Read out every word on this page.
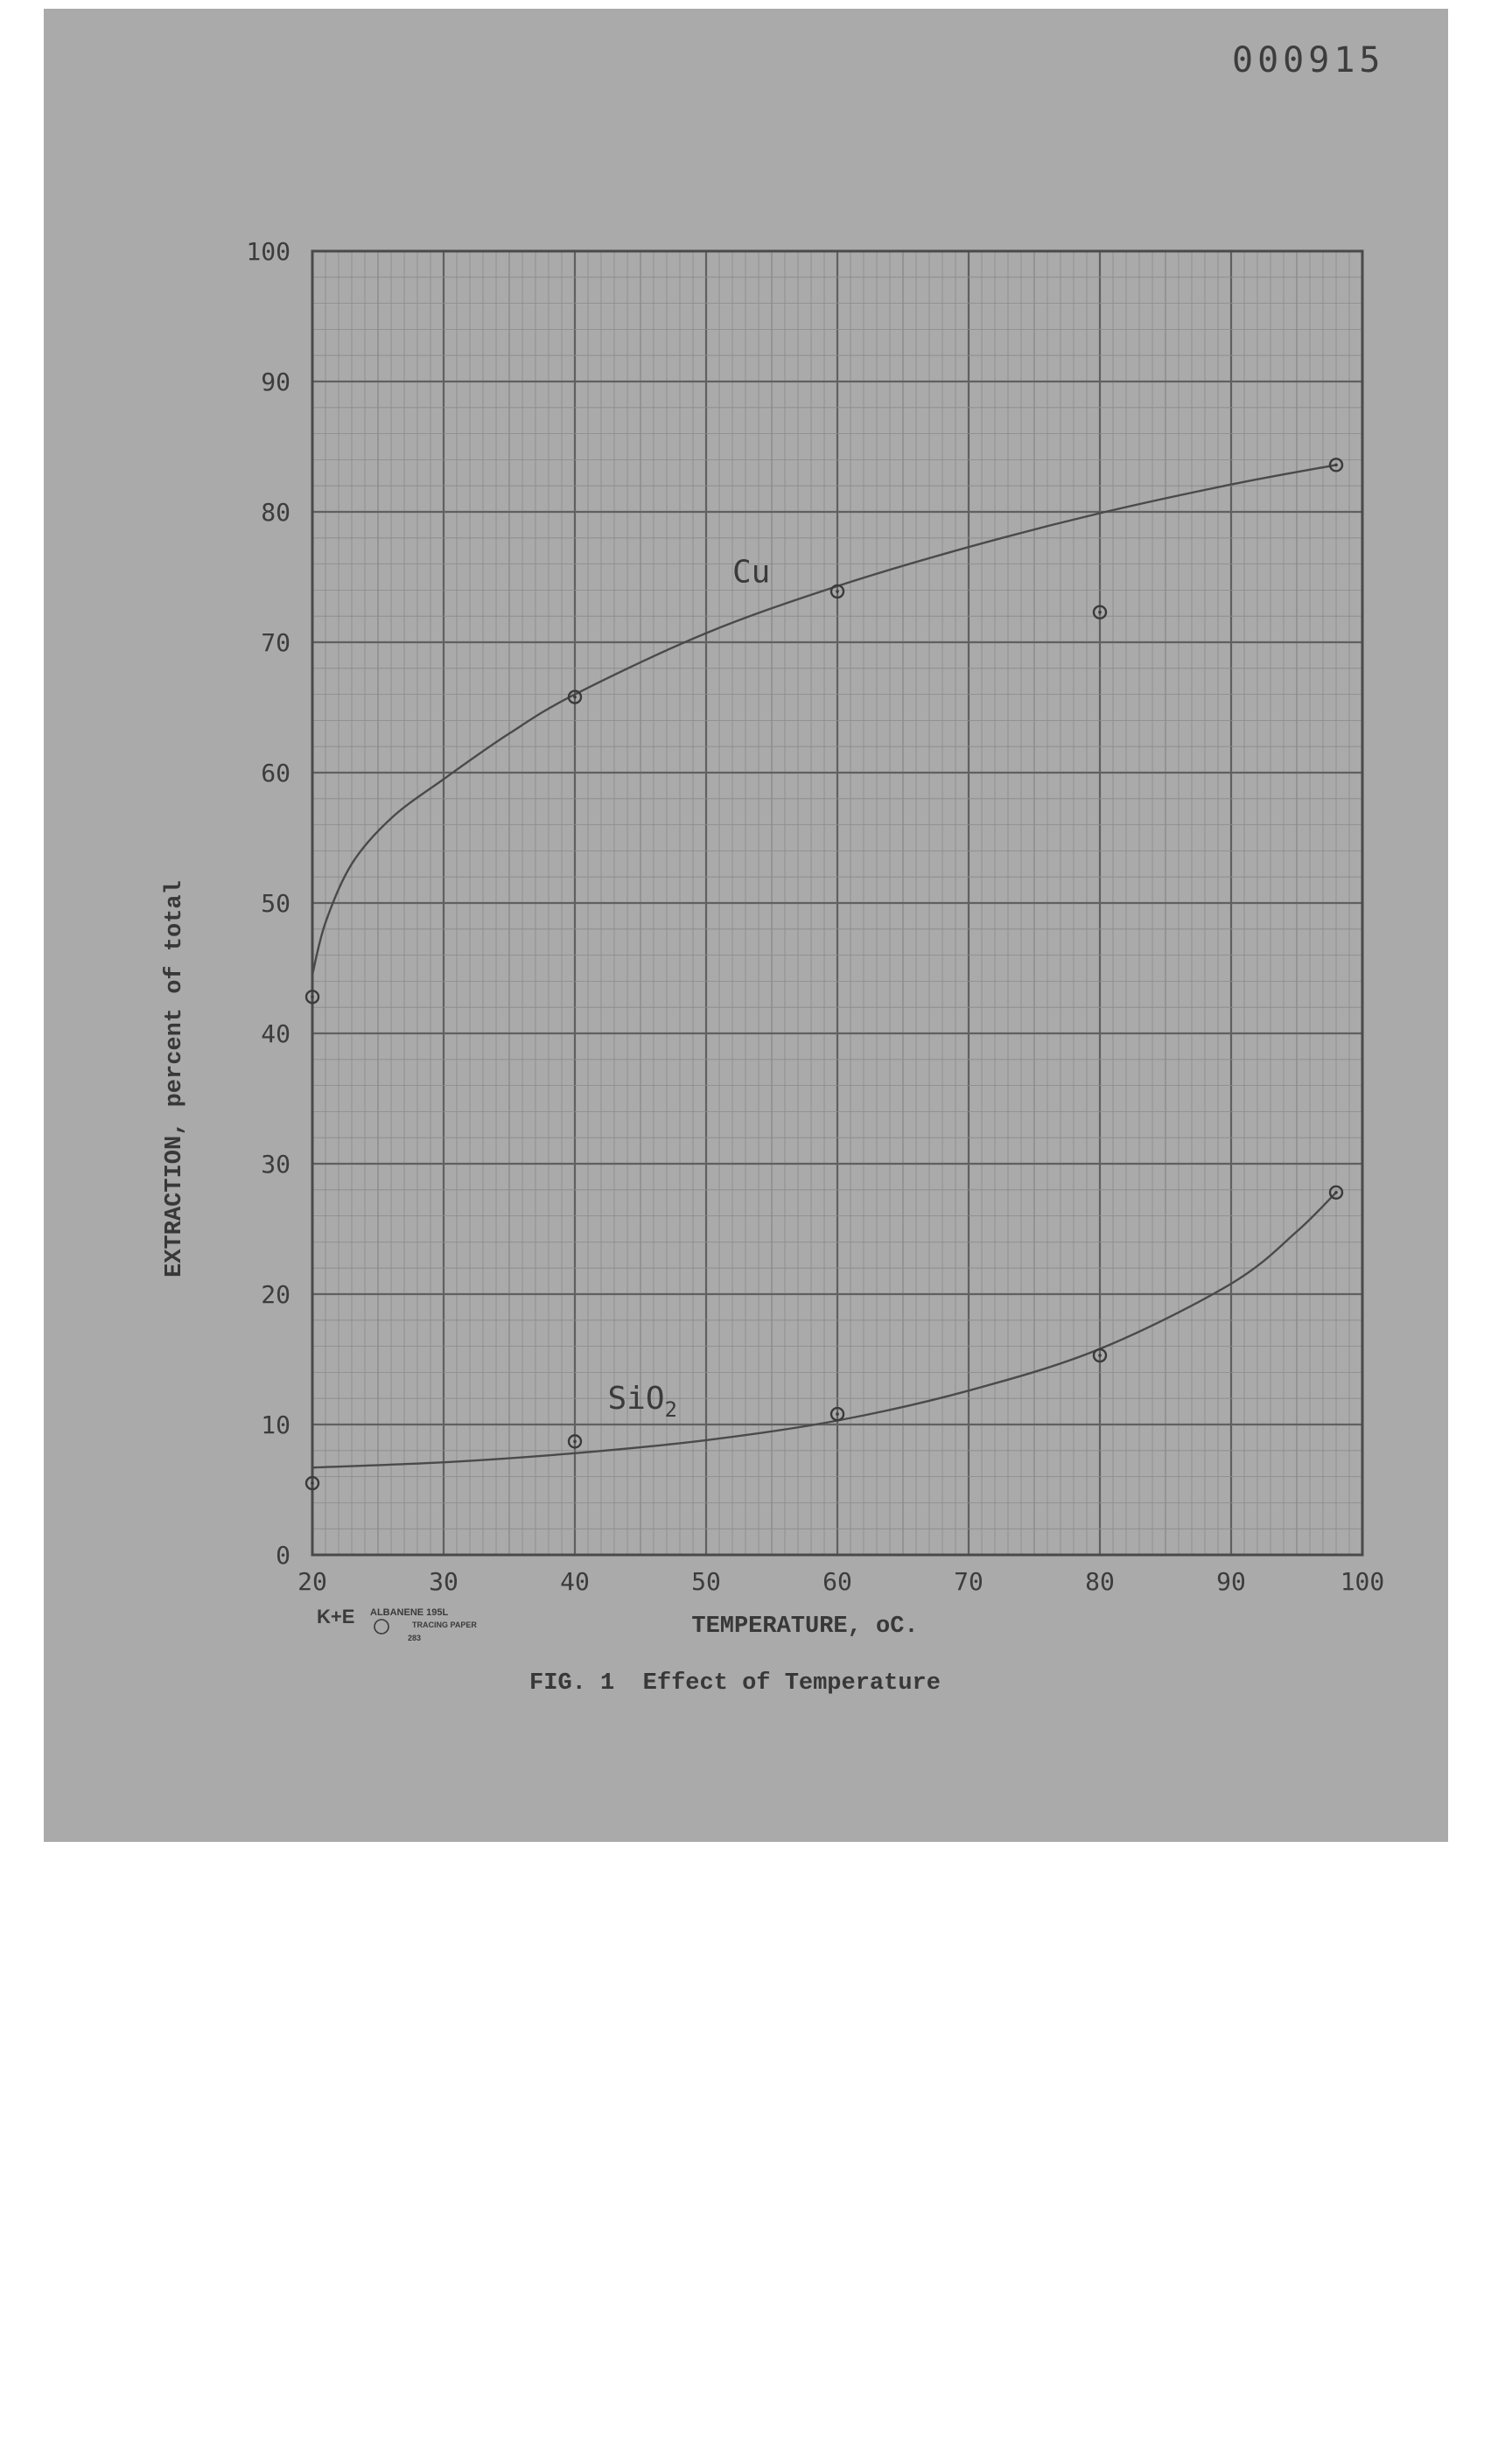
000915
20	30	40	50	60	70	80	90	100
0
10
20
30
40
50
60
70
80
90
100
Cu
SiO$_2$
TEMPERATURE, oC.
EXTRACTION, percent of total
FIG. 1  Effect of Temperature
K+E ALBANENE 195L
TRACING PAPER
283
